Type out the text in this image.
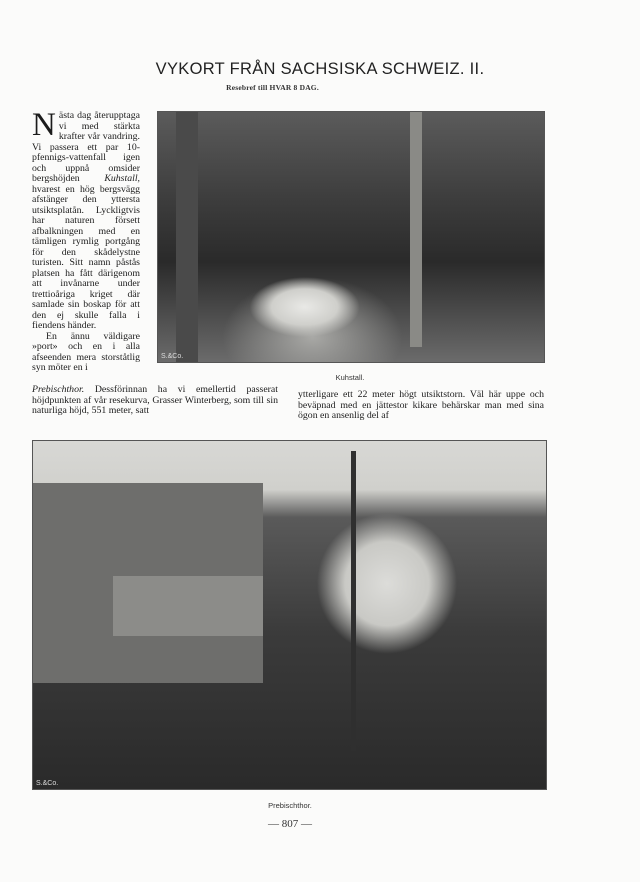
VYKORT FRÅN SACHSISKA SCHWEIZ. II.
Resebref till HVAR 8 DAG.

N ästa dag återupptaga vi med stärkta krafter vår vandring. Vi passera ett par 10-pfennigs-vattenfall igen och uppnå omsider bergshöjden	Kuhstall, hvarest en hög bergsvägg afstänger den yttersta utsiktsplatån. Lyckligtvis har naturen försett afbalkningen med en tämligen rymlig portgång för den skådelystne turisten. Sitt namn påstås platsen ha fått därigenom att invånarne under trettioåriga kriget där samlade sin boskap för att den ej skulle falla i fiendens händer.

En ännu väldigare »port» och en i alla afseenden mera storståtlig syn möter en i

Prebischthor. Dessförinnan ha vi emellertid passerat höjdpunkten af vår resekurva, Grasser Winterberg, som till sin naturliga höjd, 551 meter, satt
S.&Co.
Kuhstall.
ytterligare ett 22 meter högt utsiktstorn. Väl här uppe och beväpnad med en jättestor kikare behärskar man med sina ögon en ansenlig del af
S.&Co.
Prebischthor.
— 807 —
